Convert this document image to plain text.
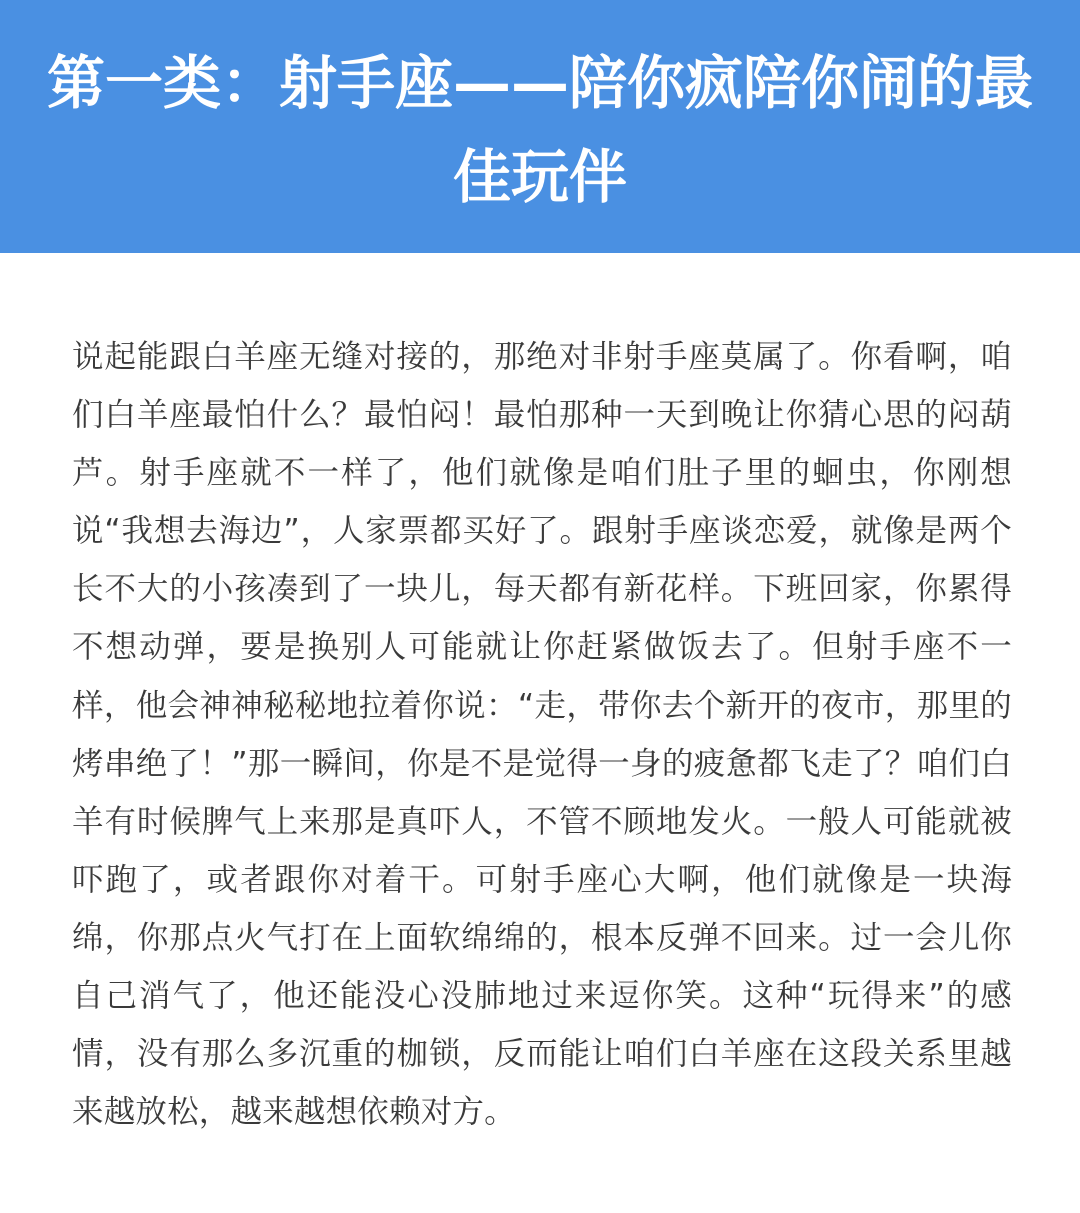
第一类：射手座——陪你疯陪你闹的最佳玩伴

说起能跟白羊座无缝对接的，那绝对非射手座莫属了。你看啊，咱们白羊座最怕什么？最怕闷！最怕那种一天到晚让你猜心思的闷葫芦。射手座就不一样了，他们就像是咱们肚子里的蛔虫，你刚想说“我想去海边”，人家票都买好了。跟射手座谈恋爱，就像是两个长不大的小孩凑到了一块儿，每天都有新花样。下班回家，你累得不想动弹，要是换别人可能就让你赶紧做饭去了。但射手座不一样，他会神神秘秘地拉着你说：“走，带你去个新开的夜市，那里的烤串绝了！”那一瞬间，你是不是觉得一身的疲惫都飞走了？咱们白羊有时候脾气上来那是真吓人，不管不顾地发火。一般人可能就被吓跑了，或者跟你对着干。可射手座心大啊，他们就像是一块海绵，你那点火气打在上面软绵绵的，根本反弹不回来。过一会儿你自己消气了，他还能没心没肺地过来逗你笑。这种“玩得来”的感情，没有那么多沉重的枷锁，反而能让咱们白羊座在这段关系里越来越放松，越来越想依赖对方。
